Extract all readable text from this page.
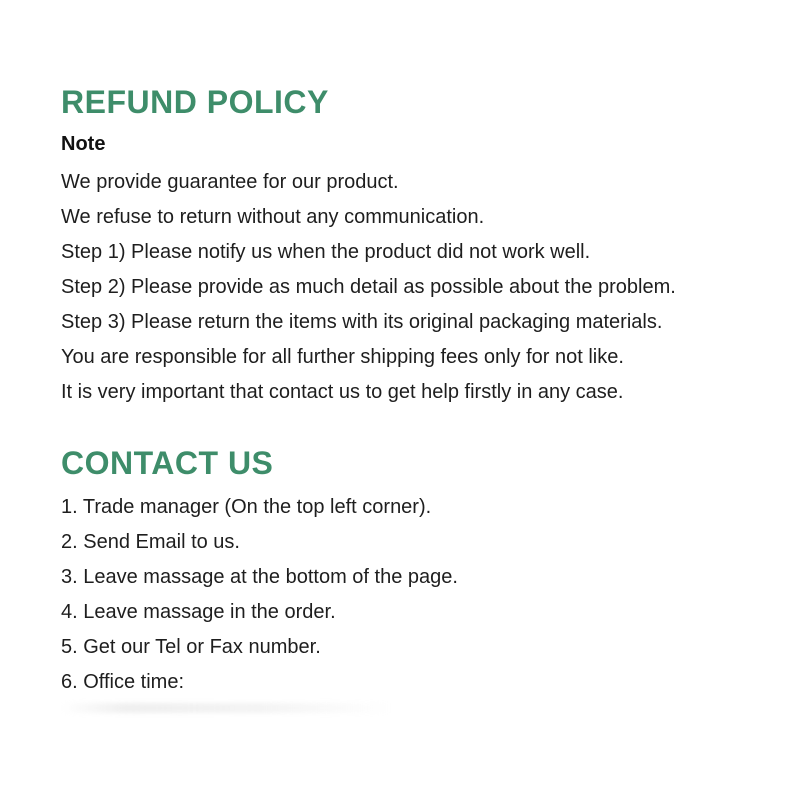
REFUND POLICY
Note
We provide guarantee for our product.
We refuse to return without any communication.
Step 1) Please notify us when the product did not work well.
Step 2) Please provide as much detail as possible about the problem.
Step 3) Please return the items with its original packaging materials.
You are responsible for all further shipping fees only for not like.
It is very important that contact us to get help firstly in any case.
CONTACT US
1. Trade manager (On the top left corner).
2. Send Email to us.
3. Leave massage at the bottom of the page.
4. Leave massage in the order.
5. Get our Tel or Fax number.
6. Office time:
